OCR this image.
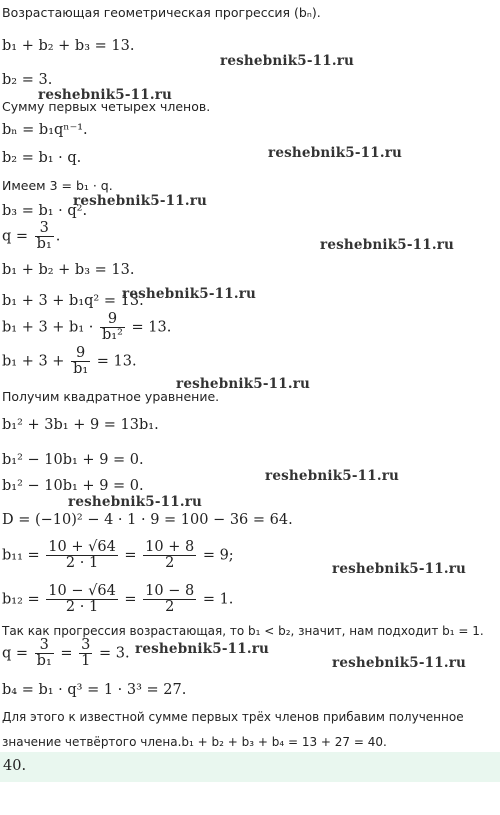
Возрастающая геометрическая прогрессия (bₙ).
b₁ + b₂ + b₃ = 13.
b₂ = 3.
Сумму первых четырех членов.
bₙ = b₁qⁿ⁻¹.
b₂ = b₁ · q.
Имеем 3 = b₁ · q.
b₃ = b₁ · q².
$q = \frac{3}{\text{b₁}}$ .
b₁ + b₂ + b₃ = 13.
b₁ + 3 + b₁q² = 13.
$b_1 + 3 + b_1 \cdot \frac{9}{\text{b₁²}} = 13$.
$b_1 + 3 + \frac{9}{\text{b₁}} = 13$.
Получим квадратное уравнение.
b₁² + 3b₁ + 9 = 13b₁.
b₁² − 10b₁ + 9 = 0.
b₁² − 10b₁ + 9 = 0.
D = (−10)² − 4 · 1 · 9 = 100 − 36 = 64.
$b_{11} = \frac{10 + √64}{2 \cdot 1} = \frac{10 + 8}{2} = 9$;
$b_{12} = \frac{10 - √64}{2 \cdot 1} = \frac{10 - 8}{2} = 1$.
Так как прогрессия возрастающая, то b₁ < b₂, значит, нам подходит b₁ = 1.
$q = \frac{3}{\text{b₁}} = \frac{3}{1} = 3$.
b₄ = b₁ · q³ = 1 · 3³ = 27.
Для этого к известной сумме первых трёх членов прибавим полученное
значение четвёртого члена.b₁ + b₂ + b₃ + b₄ = 13 + 27 = 40.
40.
reshebnik5-11.ru
reshebnik5-11.ru
reshebnik5-11.ru
reshebnik5-11.ru
reshebnik5-11.ru
reshebnik5-11.ru
reshebnik5-11.ru
reshebnik5-11.ru
reshebnik5-11.ru
reshebnik5-11.ru
reshebnik5-11.ru
reshebnik5-11.ru
